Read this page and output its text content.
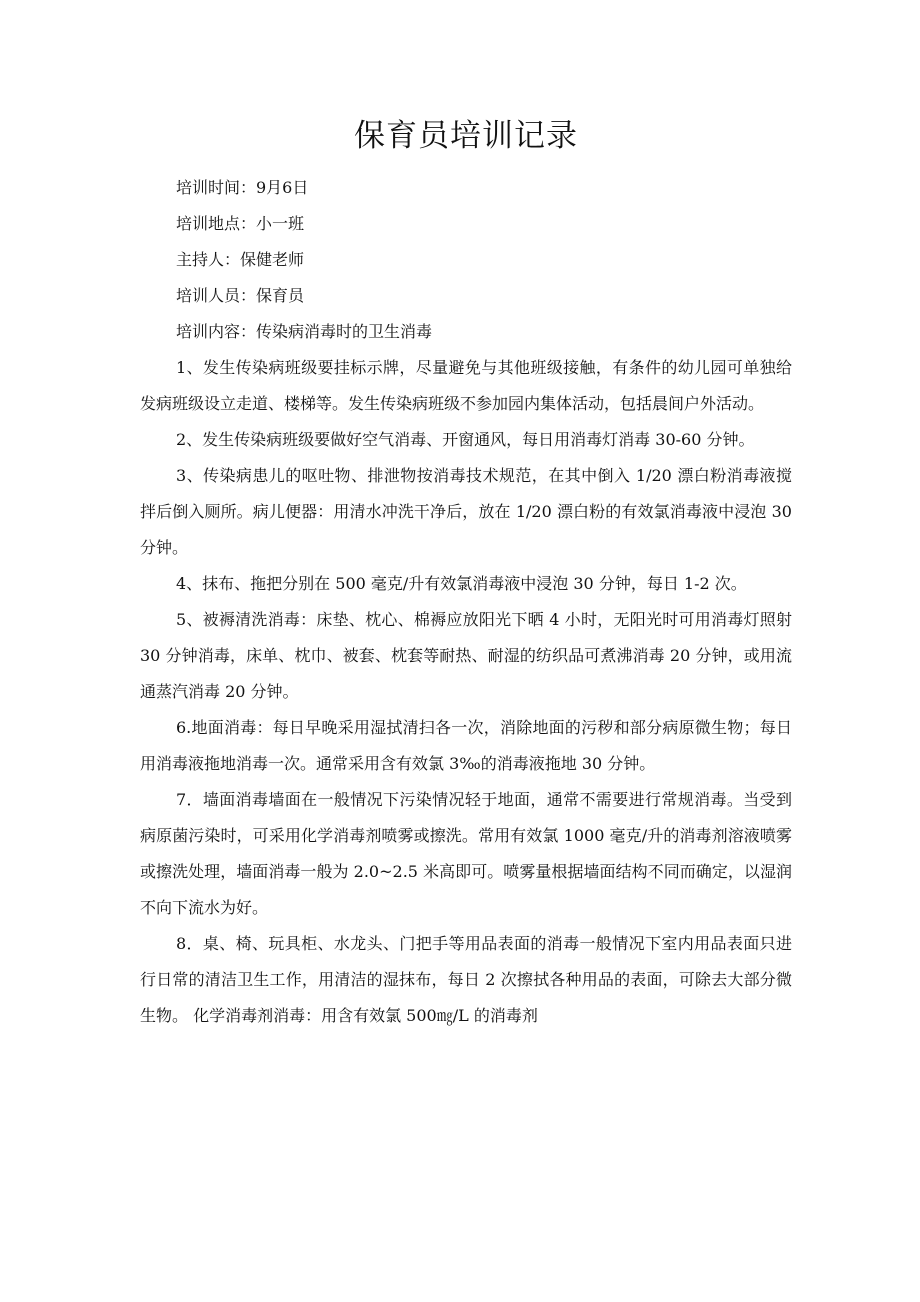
保育员培训记录
培训时间：9月6日
培训地点：小一班
主持人：保健老师
培训人员：保育员
培训内容：传染病消毒时的卫生消毒

1、发生传染病班级要挂标示牌，尽量避免与其他班级接触，有条件的幼儿园可单独给发病班级设立走道、楼梯等。发生传染病班级不参加园内集体活动，包括晨间户外活动。

2、发生传染病班级要做好空气消毒、开窗通风，每日用消毒灯消毒 30-60 分钟。

3、传染病患儿的呕吐物、排泄物按消毒技术规范，在其中倒入 1/20 漂白粉消毒液搅拌后倒入厕所。病儿便器：用清水冲洗干净后，放在 1/20 漂白粉的有效氯消毒液中浸泡 30 分钟。

4、抹布、拖把分别在 500 毫克/升有效氯消毒液中浸泡 30 分钟，每日 1-2 次。

5、被褥清洗消毒：床垫、枕心、棉褥应放阳光下晒 4 小时，无阳光时可用消毒灯照射 30 分钟消毒，床单、枕巾、被套、枕套等耐热、耐湿的纺织品可煮沸消毒 20 分钟，或用流通蒸汽消毒 20 分钟。

6.地面消毒：每日早晚采用湿拭清扫各一次，消除地面的污秽和部分病原微生物；每日用消毒液拖地消毒一次。通常采用含有效氯 3‰的消毒液拖地 30 分钟。

7．墙面消毒墙面在一般情况下污染情况轻于地面，通常不需要进行常规消毒。当受到病原菌污染时，可采用化学消毒剂喷雾或擦洗。常用有效氯 1000 毫克/升的消毒剂溶液喷雾或擦洗处理，墙面消毒一般为 2.0~2.5 米高即可。喷雾量根据墙面结构不同而确定，以湿润不向下流水为好。

8．桌、椅、玩具柜、水龙头、门把手等用品表面的消毒一般情况下室内用品表面只进行日常的清洁卫生工作，用清洁的湿抹布，每日 2 次擦拭各种用品的表面，可除去大部分微生物。 化学消毒剂消毒：用含有效氯 500㎎/L 的消毒剂
